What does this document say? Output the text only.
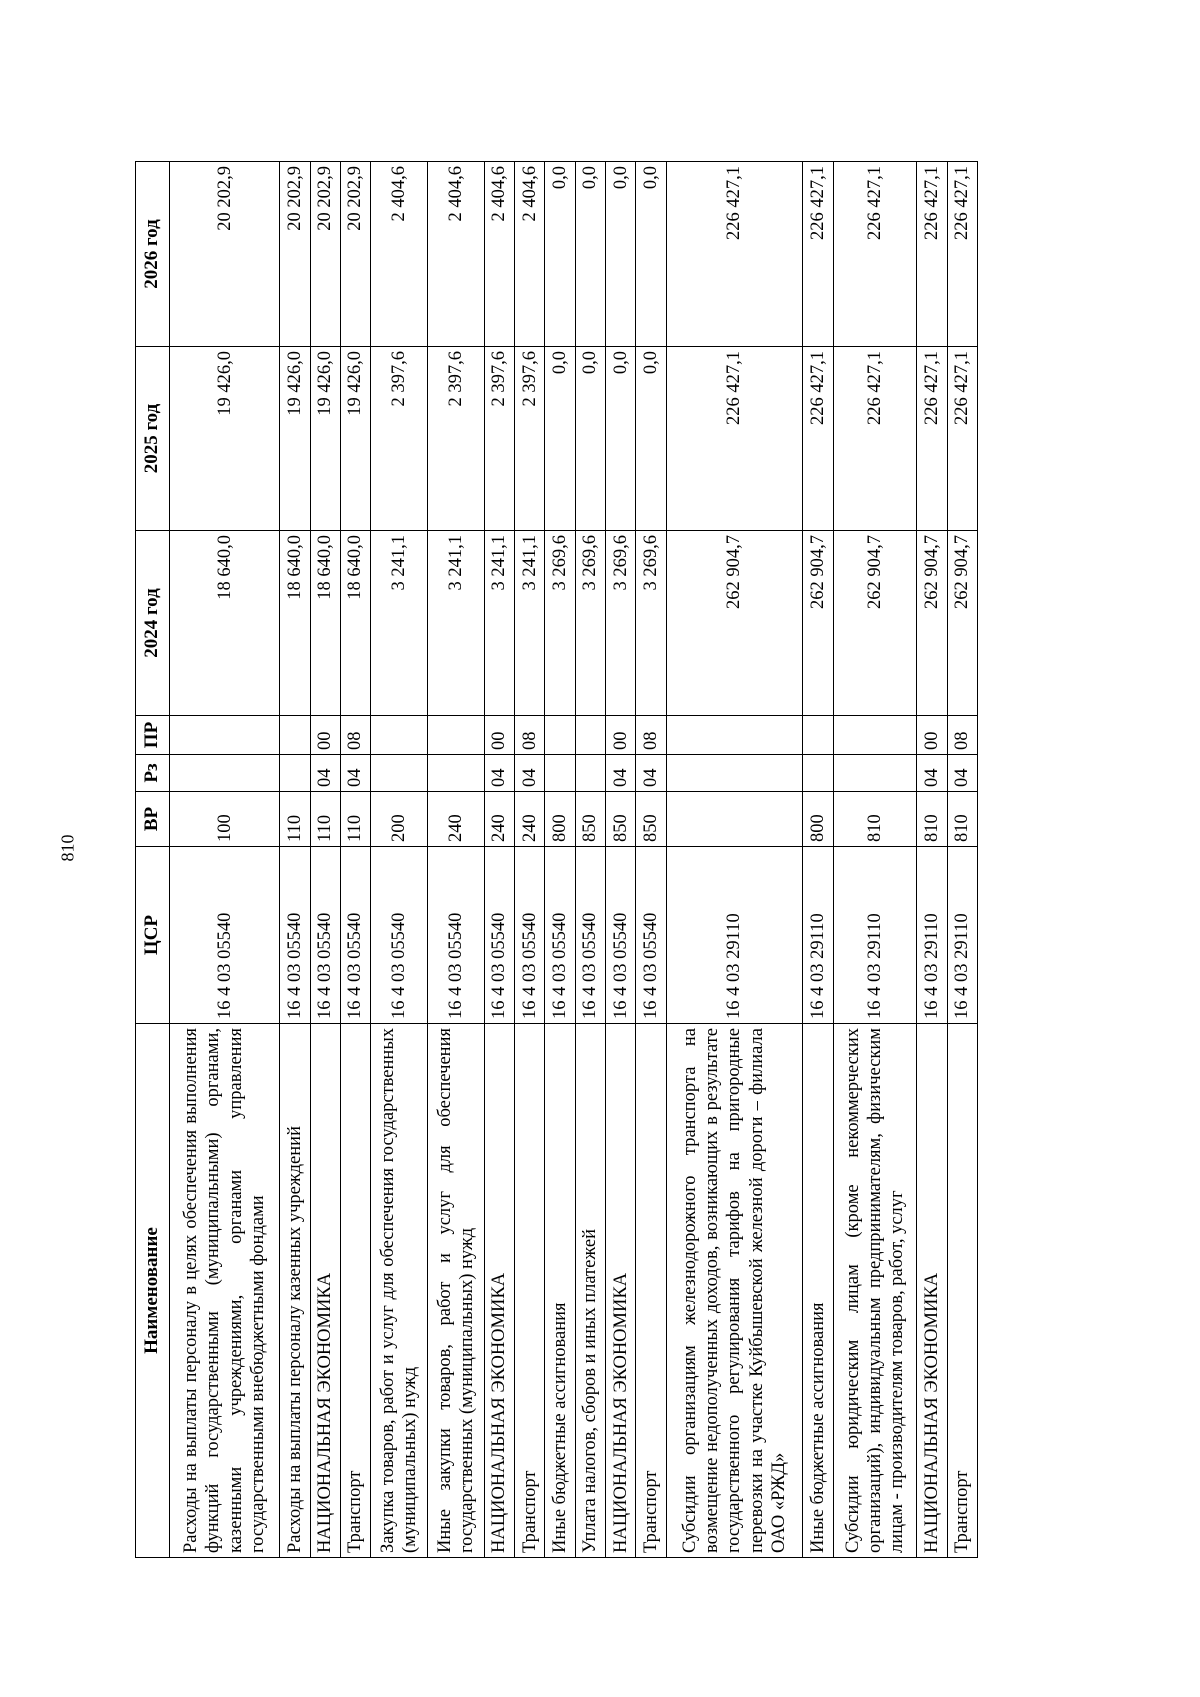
810
Наименование	ЦСР	ВР	Рз	ПР	2024 год	2025 год	2026 год
Расходы на выплаты персоналу в целях обеспечения выполнения функций государственными (муниципальными) органами, казенными учреждениями, органами управления государственными внебюджетными фондами	16 4 03 05540	100			18 640,0	19 426,0	20 202,9
Расходы на выплаты персоналу казенных учреждений	16 4 03 05540	110			18 640,0	19 426,0	20 202,9
НАЦИОНАЛЬНАЯ ЭКОНОМИКА	16 4 03 05540	110	04	00	18 640,0	19 426,0	20 202,9
Транспорт	16 4 03 05540	110	04	08	18 640,0	19 426,0	20 202,9
Закупка товаров, работ и услуг для обеспечения государственных (муниципальных) нужд	16 4 03 05540	200			3 241,1	2 397,6	2 404,6
Иные закупки товаров, работ и услуг для обеспечения государственных (муниципальных) нужд	16 4 03 05540	240			3 241,1	2 397,6	2 404,6
НАЦИОНАЛЬНАЯ ЭКОНОМИКА	16 4 03 05540	240	04	00	3 241,1	2 397,6	2 404,6
Транспорт	16 4 03 05540	240	04	08	3 241,1	2 397,6	2 404,6
Иные бюджетные ассигнования	16 4 03 05540	800			3 269,6	0,0	0,0
Уплата налогов, сборов и иных платежей	16 4 03 05540	850			3 269,6	0,0	0,0
НАЦИОНАЛЬНАЯ ЭКОНОМИКА	16 4 03 05540	850	04	00	3 269,6	0,0	0,0
Транспорт	16 4 03 05540	850	04	08	3 269,6	0,0	0,0
Субсидии организациям железнодорожного транспорта на возмещение недополученных доходов, возникающих в результате государственного регулирования тарифов на пригородные перевозки на участке Куйбышевской железной дороги – филиала ОАО «РЖД»	16 4 03 29110				262 904,7	226 427,1	226 427,1
Иные бюджетные ассигнования	16 4 03 29110	800			262 904,7	226 427,1	226 427,1
Субсидии юридическим лицам (кроме некоммерческих организаций), индивидуальным предпринимателям, физическим лицам - производителям товаров, работ, услуг	16 4 03 29110	810			262 904,7	226 427,1	226 427,1
НАЦИОНАЛЬНАЯ ЭКОНОМИКА	16 4 03 29110	810	04	00	262 904,7	226 427,1	226 427,1
Транспорт	16 4 03 29110	810	04	08	262 904,7	226 427,1	226 427,1
